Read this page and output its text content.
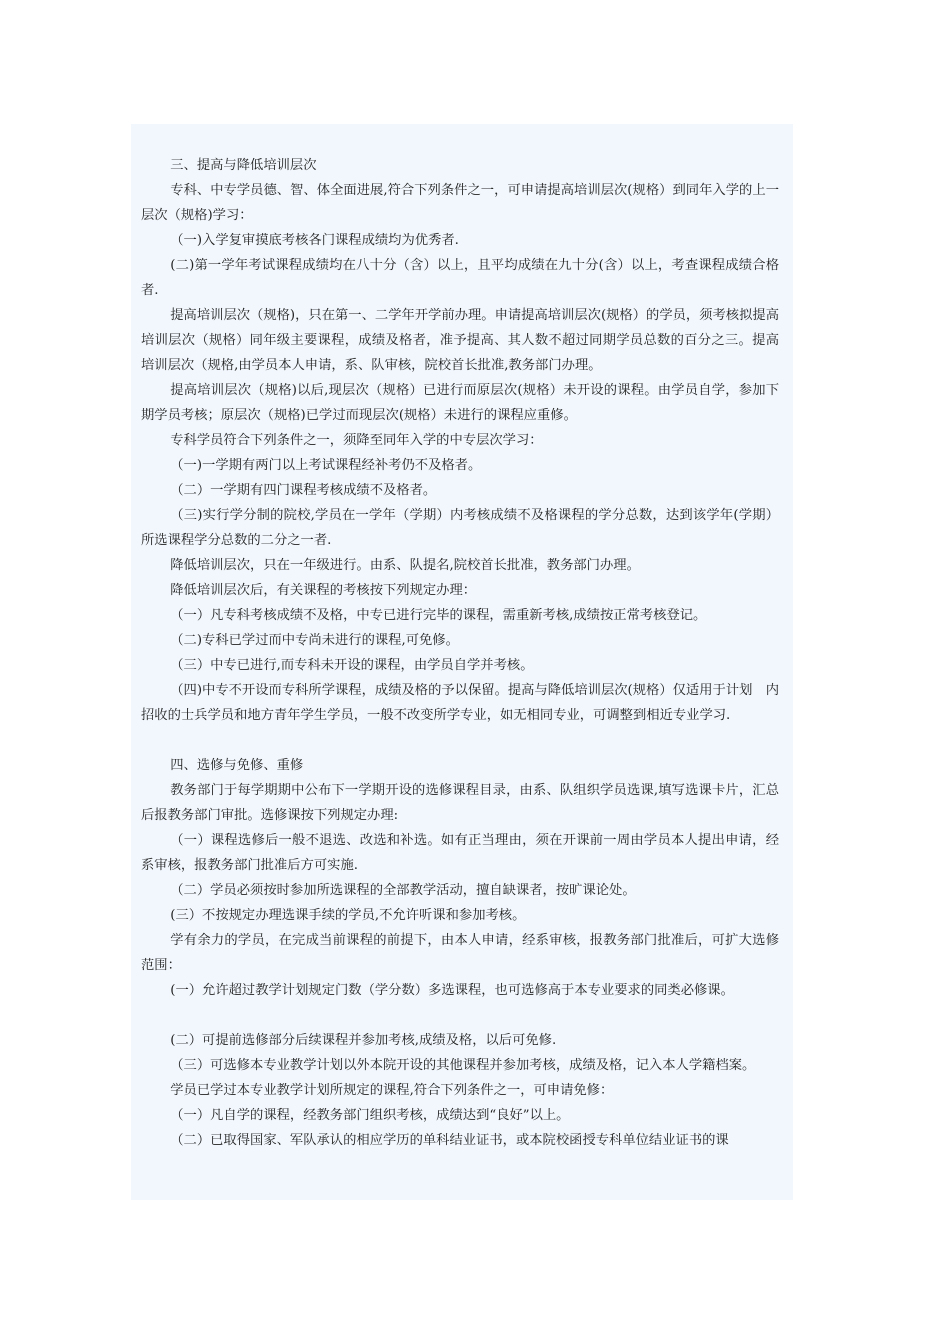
三、提高与降低培训层次

专科、中专学员德、智、体全面进展,符合下列条件之一，可申请提高培训层次(规格）到同年入学的上一层次（规格)学习：

（一)入学复审摸底考核各门课程成绩均为优秀者.

(二)第一学年考试课程成绩均在八十分（含）以上，且平均成绩在九十分(含）以上，考查课程成绩合格者.

提高培训层次（规格)，只在第一、二学年开学前办理。申请提高培训层次(规格）的学员，须考核拟提高培训层次（规格）同年级主要课程，成绩及格者，准予提高、其人数不超过同期学员总数的百分之三。提高培训层次（规格,由学员本人申请，系、队审核，院校首长批准,教务部门办理。

提高培训层次（规格)以后,现层次（规格）已进行而原层次(规格）未开设的课程。由学员自学，参加下期学员考核；原层次（规格)已学过而现层次(规格）未进行的课程应重修。

专科学员符合下列条件之一，须降至同年入学的中专层次学习：

（一)一学期有两门以上考试课程经补考仍不及格者。

（二）一学期有四门课程考核成绩不及格者。

（三)实行学分制的院校,学员在一学年（学期）内考核成绩不及格课程的学分总数，达到该学年(学期）所选课程学分总数的二分之一者.

降低培训层次，只在一年级进行。由系、队提名,院校首长批准，教务部门办理。

降低培训层次后，有关课程的考核按下列规定办理：

（一）凡专科考核成绩不及格，中专已进行完毕的课程，需重新考核,成绩按正常考核登记。

（二)专科已学过而中专尚未进行的课程,可免修。

（三）中专已进行,而专科未开设的课程，由学员自学并考核。

（四)中专不开设而专科所学课程，成绩及格的予以保留。提高与降低培训层次(规格）仅适用于计划　内招收的士兵学员和地方青年学生学员，一般不改变所学专业，如无相同专业，可调整到相近专业学习.

四、选修与免修、重修

教务部门于每学期期中公布下一学期开设的选修课程目录，由系、队组织学员选课,填写选课卡片，汇总后报教务部门审批。选修课按下列规定办理:

（一）课程选修后一般不退选、改选和补选。如有正当理由，须在开课前一周由学员本人提出申请，经系审核，报教务部门批准后方可实施.

（二）学员必须按时参加所选课程的全部教学活动，擅自缺课者，按旷课论处。

(三）不按规定办理选课手续的学员,不允许听课和参加考核。

学有余力的学员，在完成当前课程的前提下，由本人申请，经系审核，报教务部门批准后，可扩大选修范围：

(一）允许超过教学计划规定门数（学分数）多选课程，也可选修高于本专业要求的同类必修课。

(二）可提前选修部分后续课程并参加考核,成绩及格，以后可免修.

（三）可选修本专业教学计划以外本院开设的其他课程并参加考核，成绩及格，记入本人学籍档案。

学员已学过本专业教学计划所规定的课程,符合下列条件之一，可申请免修：

（一）凡自学的课程，经教务部门组织考核，成绩达到“良好”以上。

（二）已取得国家、军队承认的相应学历的单科结业证书，或本院校函授专科单位结业证书的课
